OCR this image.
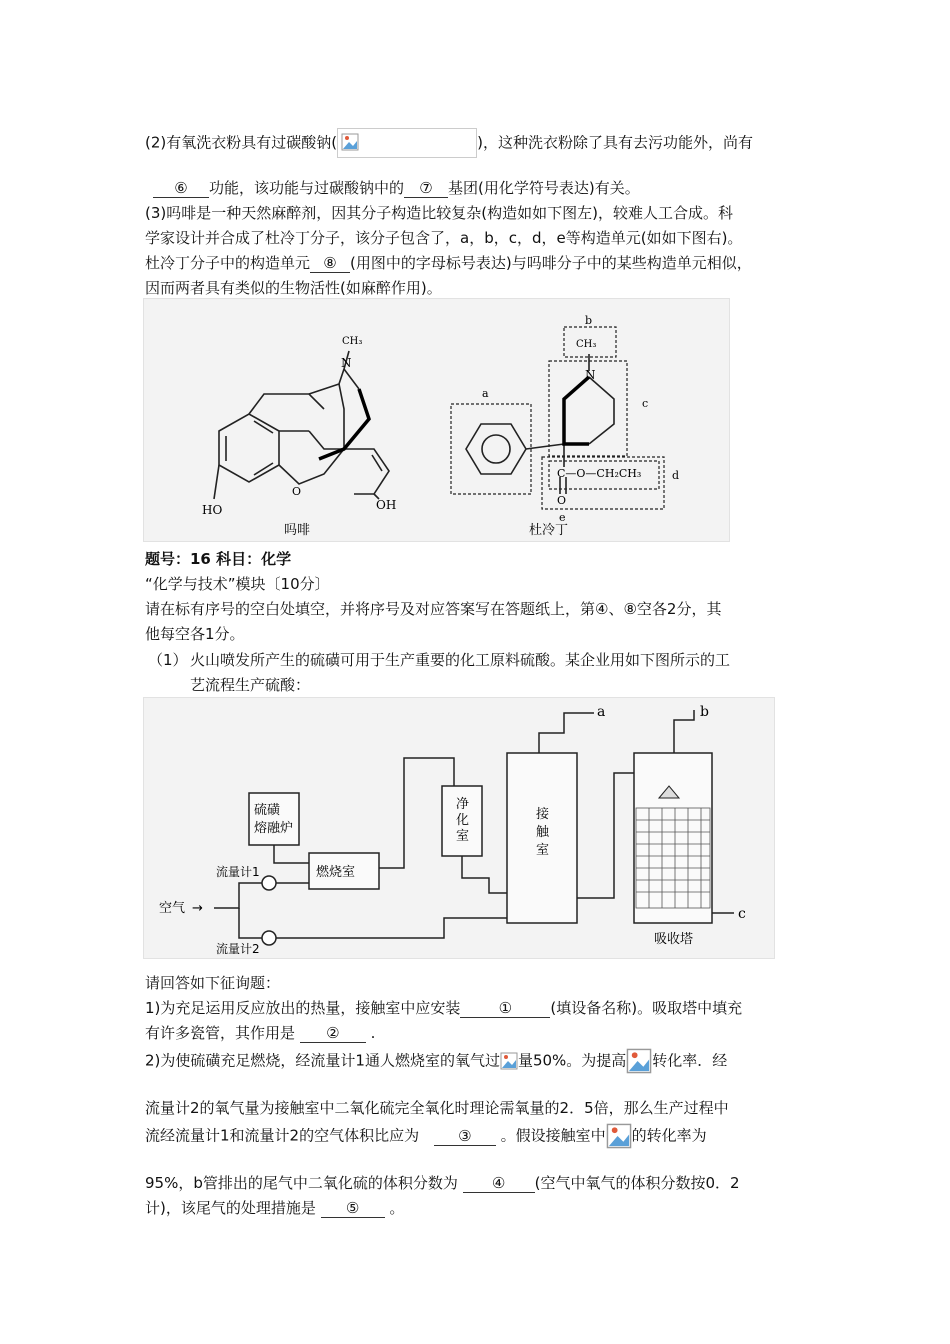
(2)有氧洗衣粉具有过碳酸钠(	)，这种洗衣粉除了具有去污功能外，尚有
⑥ 功能，该功能与过碳酸钠中的 ⑦ 基团(用化学符号表达)有关。
(3)吗啡是一种天然麻醉剂，因其分子构造比较复杂(构造如如下图左)，较难人工合成。科
学家设计并合成了杜冷丁分子，该分子包含了，a，b，c，d，e等构造单元(如如下图右)。
杜冷丁分子中的构造单元 ⑧ (用图中的字母标号表达)与吗啡分子中的某些构造单元相似，
因而两者具有类似的生物活性(如麻醉作用)。
N
CH₃
O
HO	OH
吗啡
N
CH₃
C—O—CH₂CH₃
O
a
b
c
d
e
杜冷丁
题号：16 科目：化学
“化学与技术”模块〔10分〕
请在标有序号的空白处填空，并将序号及对应答案写在答题纸上，第④、⑧空各2分，其
他每空各1分。
（1） 火山喷发所产生的硫磺可用于生产重要的化工原料硫酸。某企业用如下图所示的工
艺流程生产硫酸：
硫磺
熔融炉
燃烧室
净
化
室
接
触
室
吸收塔
流量计1
流量计2
空气
a	b
c
→
请回答如下征询题：
1)为充足运用反应放出的热量，接触室中应安装	①	(填设备名称)。吸取塔中填充
有许多瓷管，其作用是 ② .
2)为使硫磺充足燃烧，经流量计1通人燃烧室的氧气过 量50%。为提高 转化率．经
流量计2的氧气量为接触室中二氧化硫完全氧化时理论需氧量的2．5倍，那么生产过程中
流经流量计1和流量计2的空气体积比应为	③ 。假设接触室中 的转化率为
95%，b管排出的尾气中二氧化硫的体积分数为 ④ (空气中氧气的体积分数按0．2
计)，该尾气的处理措施是 ⑤ 。
